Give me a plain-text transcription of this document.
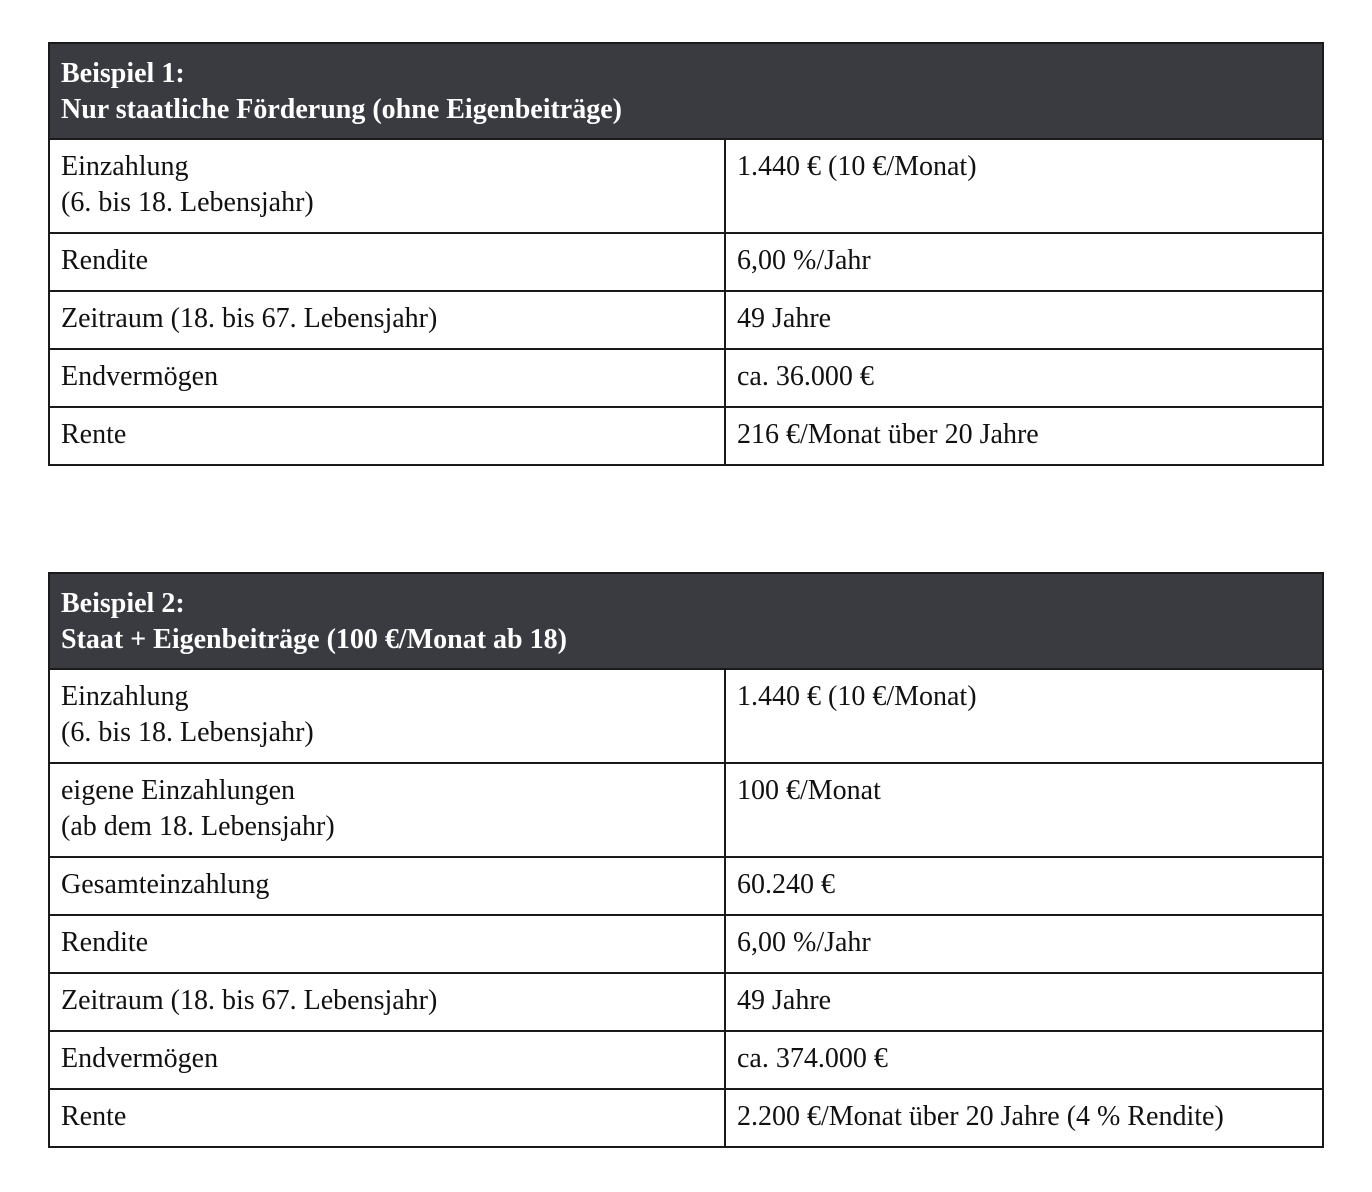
Beispiel 1:
Nur staatliche Förderung (ohne Eigenbeiträge)	

Einzahlung
(6. bis 18. Lebensjahr)	1.440 € (10 €/Monat)
Rendite	6,00 %/Jahr
Zeitraum (18. bis 67. Lebensjahr)	49 Jahre
Endvermögen	ca. 36.000 €
Rente	216 €/Monat über 20 Jahre
Beispiel 2:
Staat + Eigenbeiträge (100 €/Monat ab 18)	

Einzahlung
(6. bis 18. Lebensjahr)	1.440 € (10 €/Monat)

eigene Einzahlungen
(ab dem 18. Lebensjahr)	100 €/Monat
Gesamteinzahlung	60.240 €
Rendite	6,00 %/Jahr
Zeitraum (18. bis 67. Lebensjahr)	49 Jahre
Endvermögen	ca. 374.000 €
Rente	2.200 €/Monat über 20 Jahre (4 % Rendite)
